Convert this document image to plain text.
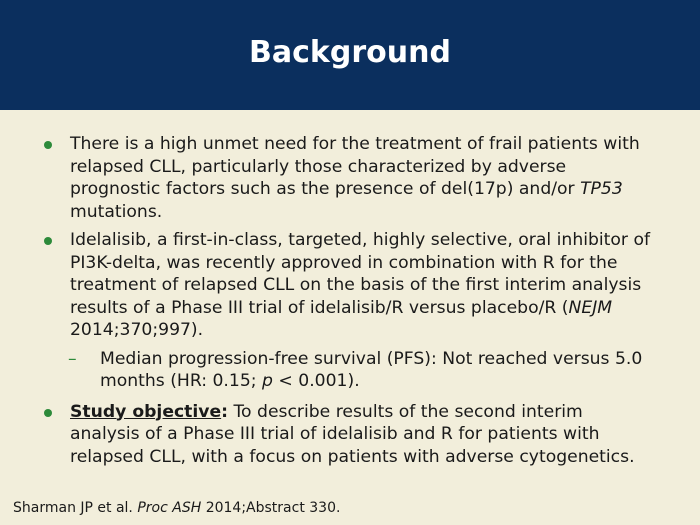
Background
There is a high unmet need for the treatment of frail patients with relapsed CLL, particularly those characterized by adverse prognostic factors such as the presence of del(17p) and/or TP53 mutations.
Idelalisib, a first-in-class, targeted, highly selective, oral inhibitor of PI3K-delta, was recently approved in combination with R for the treatment of relapsed CLL on the basis of the first interim analysis results of a Phase III trial of idelalisib/R versus placebo/R (NEJM 2014;370;997).
– Median progression-free survival (PFS): Not reached versus 5.0 months (HR: 0.15; p < 0.001).
Study objective: To describe results of the second interim analysis of a Phase III trial of idelalisib and R for patients with relapsed CLL, with a focus on patients with adverse cytogenetics.
Sharman JP et al. Proc ASH 2014;Abstract 330.
